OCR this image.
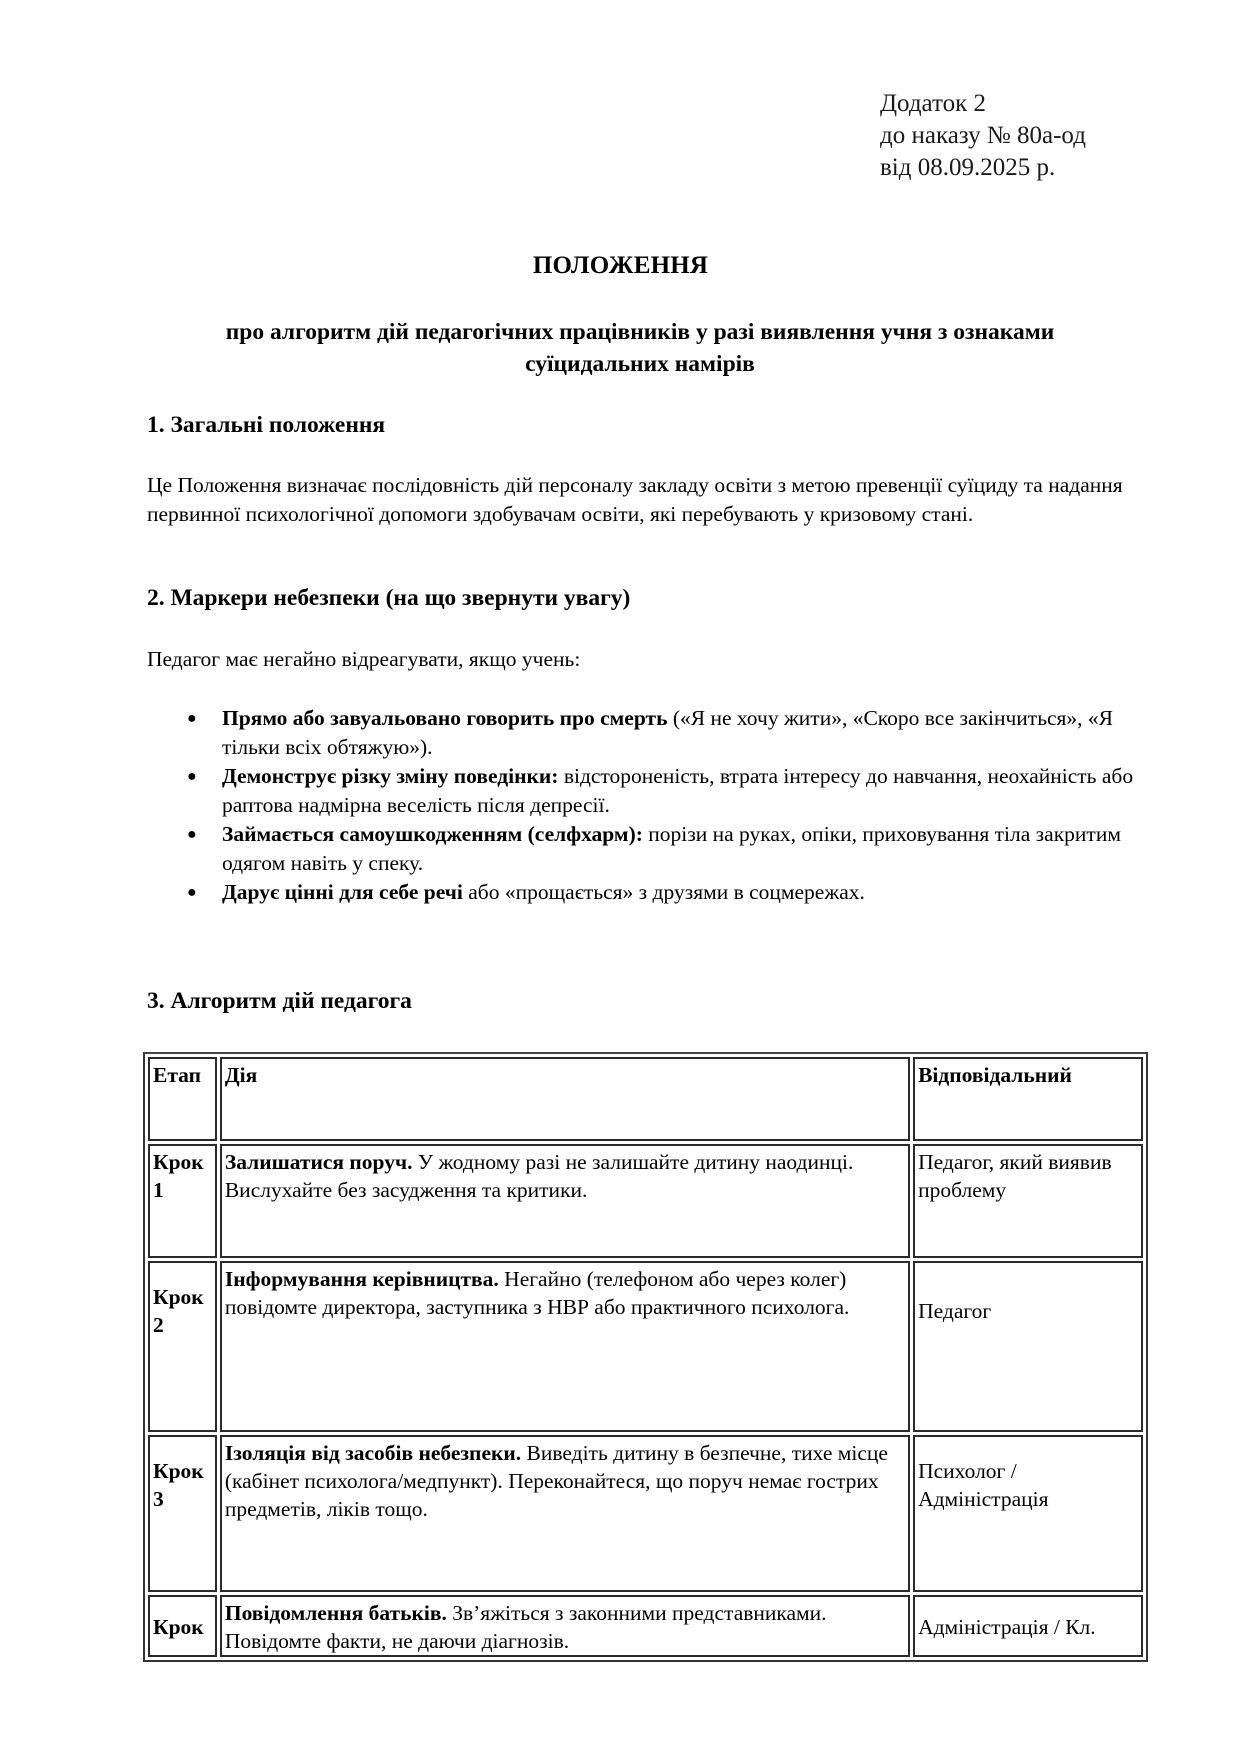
Додаток 2
до наказу № 80а-од
від 08.09.2025 р.
ПОЛОЖЕННЯ
про алгоритм дій педагогічних працівників у разі виявлення учня з ознаками суїцидальних намірів
1. Загальні положення
Це Положення визначає послідовність дій персоналу закладу освіти з метою превенції суїциду та надання первинної психологічної допомоги здобувачам освіти, які перебувають у кризовому стані.
2. Маркери небезпеки (на що звернути увагу)
Педагог має негайно відреагувати, якщо учень:
● Прямо або завуальовано говорить про смерть («Я не хочу жити», «Скоро все закінчиться», «Я тільки всіх обтяжую»).
● Демонструє різку зміну поведінки: відстороненість, втрата інтересу до навчання, неохайність або раптова надмірна веселість після депресії.
● Займається самоушкодженням (селфхарм): порізи на руках, опіки, приховування тіла закритим одягом навіть у спеку.
● Дарує цінні для себе речі або «прощається» з друзями в соцмережах.
3. Алгоритм дій педагога
Етап	Дія	Відповідальний
Крок 1	Залишатися поруч. У жодному разі не залишайте дитину наодинці. Вислухайте без засудження та критики.	Педагог, який виявив проблему
Крок 2	Інформування керівництва. Негайно (телефоном або через колег) повідомте директора, заступника з НВР або практичного психолога.	Педагог
Крок 3	Ізоляція від засобів небезпеки. Виведіть дитину в безпечне, тихе місце (кабінет психолога/медпункт). Переконайтеся, що поруч немає гострих предметів, ліків тощо.	Психолог / Адміністрація
Крок	Повідомлення батьків. Зв’яжіться з законними представниками. Повідомте факти, не даючи діагнозів.	Адміністрація / Кл.
